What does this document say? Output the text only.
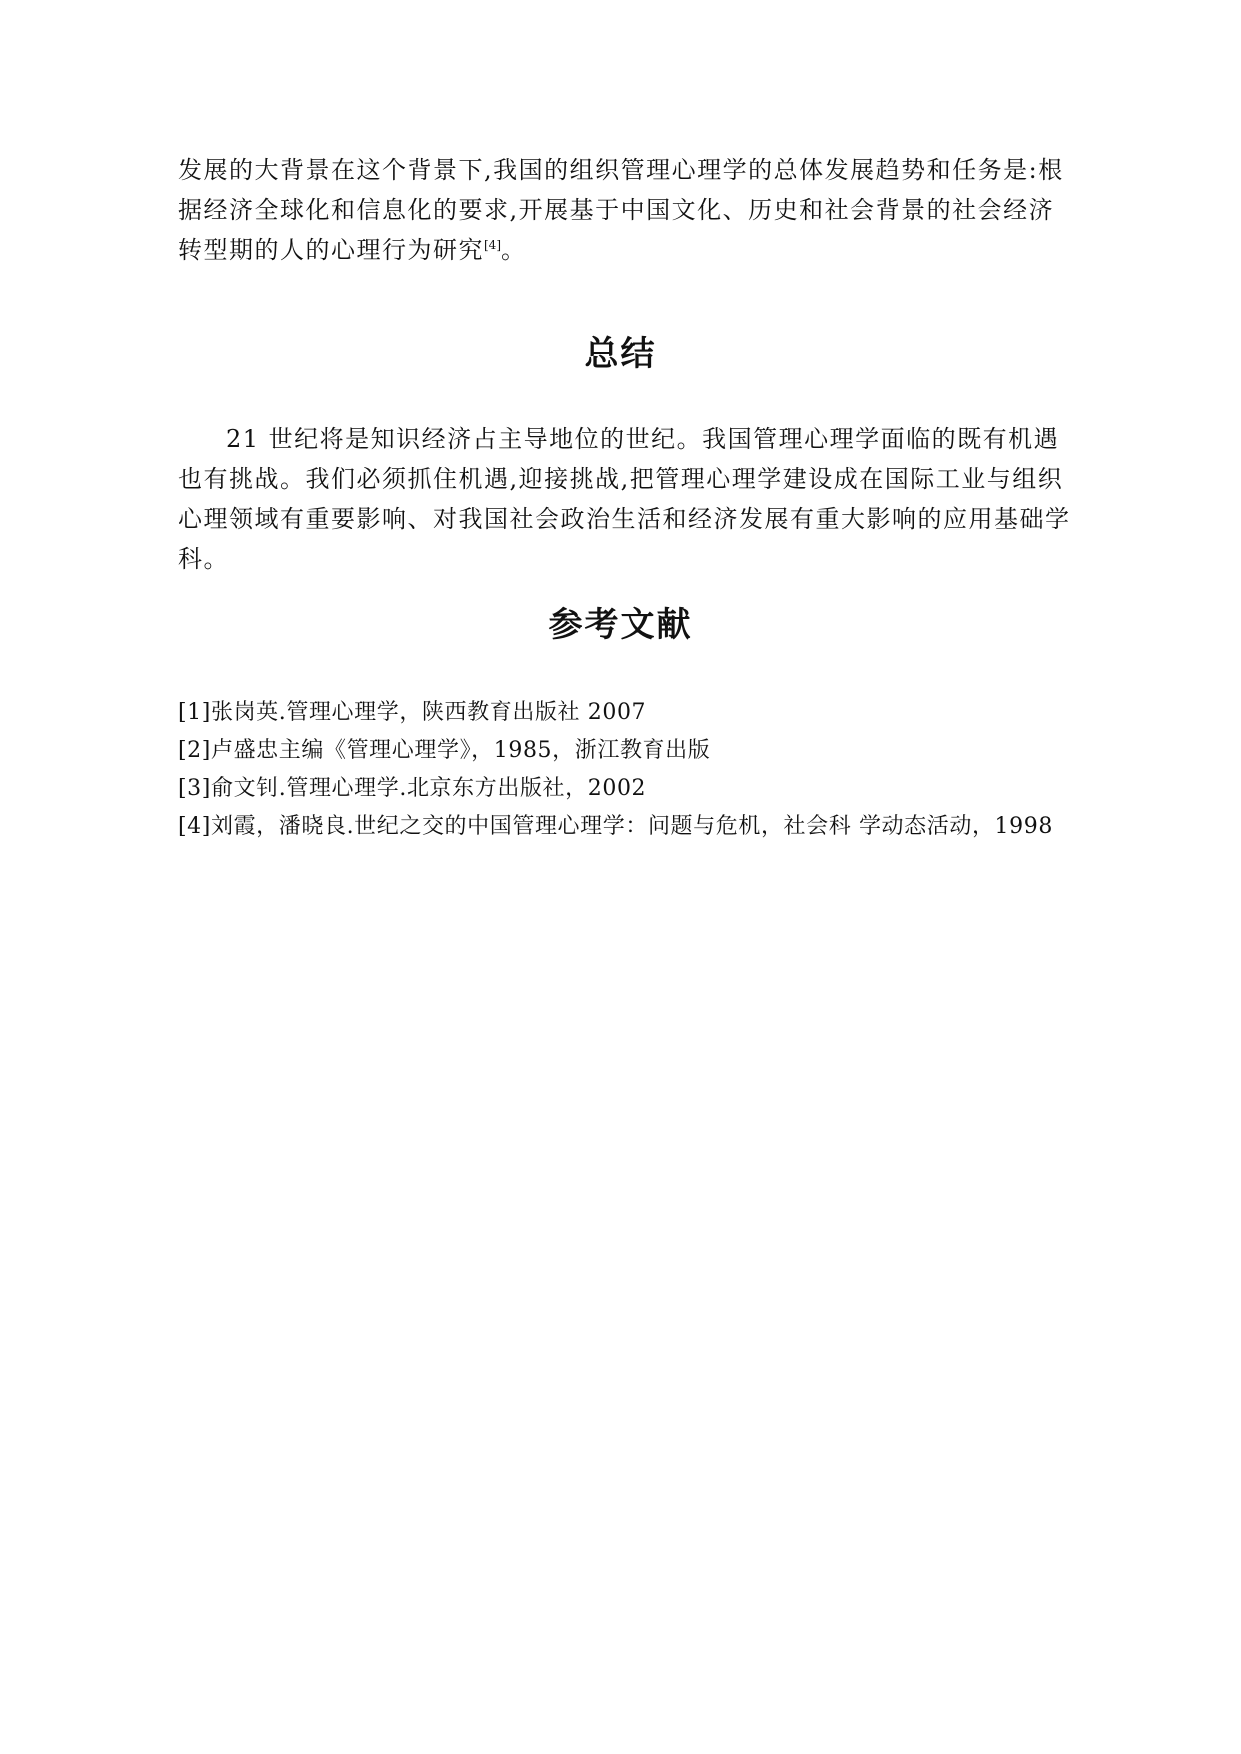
发展的大背景在这个背景下,我国的组织管理心理学的总体发展趋势和任务是:根据经济全球化和信息化的要求,开展基于中国文化、历史和社会背景的社会经济转型期的人的心理行为研究[4]。

总结

21 世纪将是知识经济占主导地位的世纪。我国管理心理学面临的既有机遇也有挑战。我们必须抓住机遇,迎接挑战,把管理心理学建设成在国际工业与组织心理领域有重要影响、对我国社会政治生活和经济发展有重大影响的应用基础学科。

参考文献
[1]张岗英.管理心理学，陕西教育出版社 2007
[2]卢盛忠主编《管理心理学》，1985，浙江教育出版
[3]俞文钊.管理心理学.北京东方出版社，2002
[4]刘霞，潘晓良.世纪之交的中国管理心理学：问题与危机，社会科 学动态活动，1998
